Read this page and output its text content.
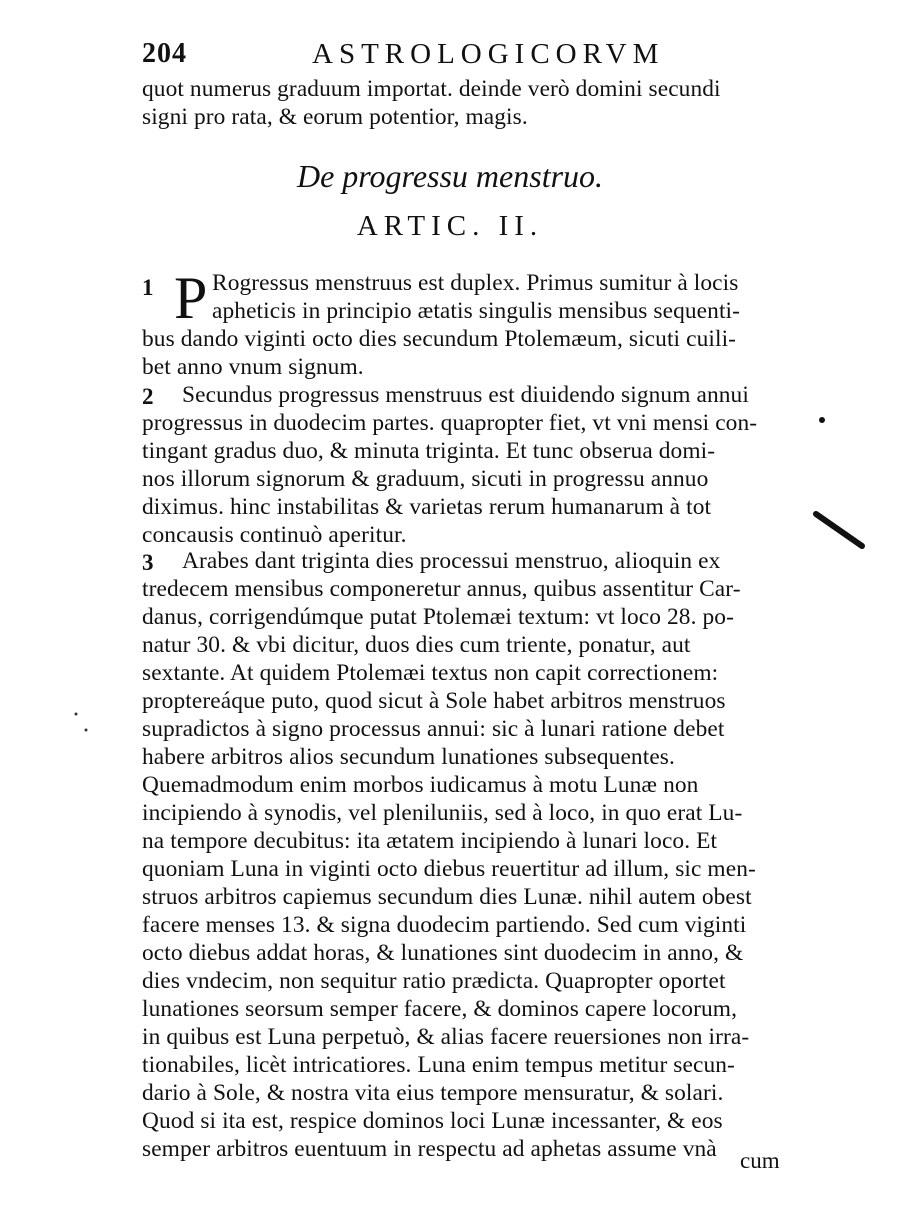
204	ASTROLOGICORVM
quot numerus graduum importat. deinde verò domini secundi
signi pro rata, & eorum potentior, magis.
De progressu menstruo.
ARTIC. II.
1 P Rogressus menstruus est duplex. Primus sumitur à locis
apheticis in principio ætatis singulis mensibus sequenti-
bus dando viginti octo dies secundum Ptolemæum, sicuti cuili-
bet anno vnum signum.
2 Secundus progressus menstruus est diuidendo signum annui
progressus in duodecim partes. quapropter fiet, vt vni mensi con-
tingant gradus duo, & minuta triginta. Et tunc obserua domi-
nos illorum signorum & graduum, sicuti in progressu annuo
diximus. hinc instabilitas & varietas rerum humanarum à tot
concausis continuò aperitur.
3 Arabes dant triginta dies processui menstruo, alioquin ex
tredecem mensibus componeretur annus, quibus assentitur Car-
danus, corrigendúmque putat Ptolemæi textum: vt loco 28. po-
natur 30. & vbi dicitur, duos dies cum triente, ponatur, aut
sextante. At quidem Ptolemæi textus non capit correctionem:
proptereáque puto, quod sicut à Sole habet arbitros menstruos
supradictos à signo processus annui: sic à lunari ratione debet
habere arbitros alios secundum lunationes subsequentes.
Quemadmodum enim morbos iudicamus à motu Lunæ non
incipiendo à synodis, vel pleniluniis, sed à loco, in quo erat Lu-
na tempore decubitus: ita ætatem incipiendo à lunari loco. Et
quoniam Luna in viginti octo diebus reuertitur ad illum, sic men-
struos arbitros capiemus secundum dies Lunæ. nihil autem obest
facere menses 13. & signa duodecim partiendo. Sed cum viginti
octo diebus addat horas, & lunationes sint duodecim in anno, &
dies vndecim, non sequitur ratio prædicta. Quapropter oportet
lunationes seorsum semper facere, & dominos capere locorum,
in quibus est Luna perpetuò, & alias facere reuersiones non irra-
tionabiles, licèt intricatiores. Luna enim tempus metitur secun-
dario à Sole, & nostra vita eius tempore mensuratur, & solari.
Quod si ita est, respice dominos loci Lunæ incessanter, & eos
semper arbitros euentuum in respectu ad aphetas assume vnà cum
